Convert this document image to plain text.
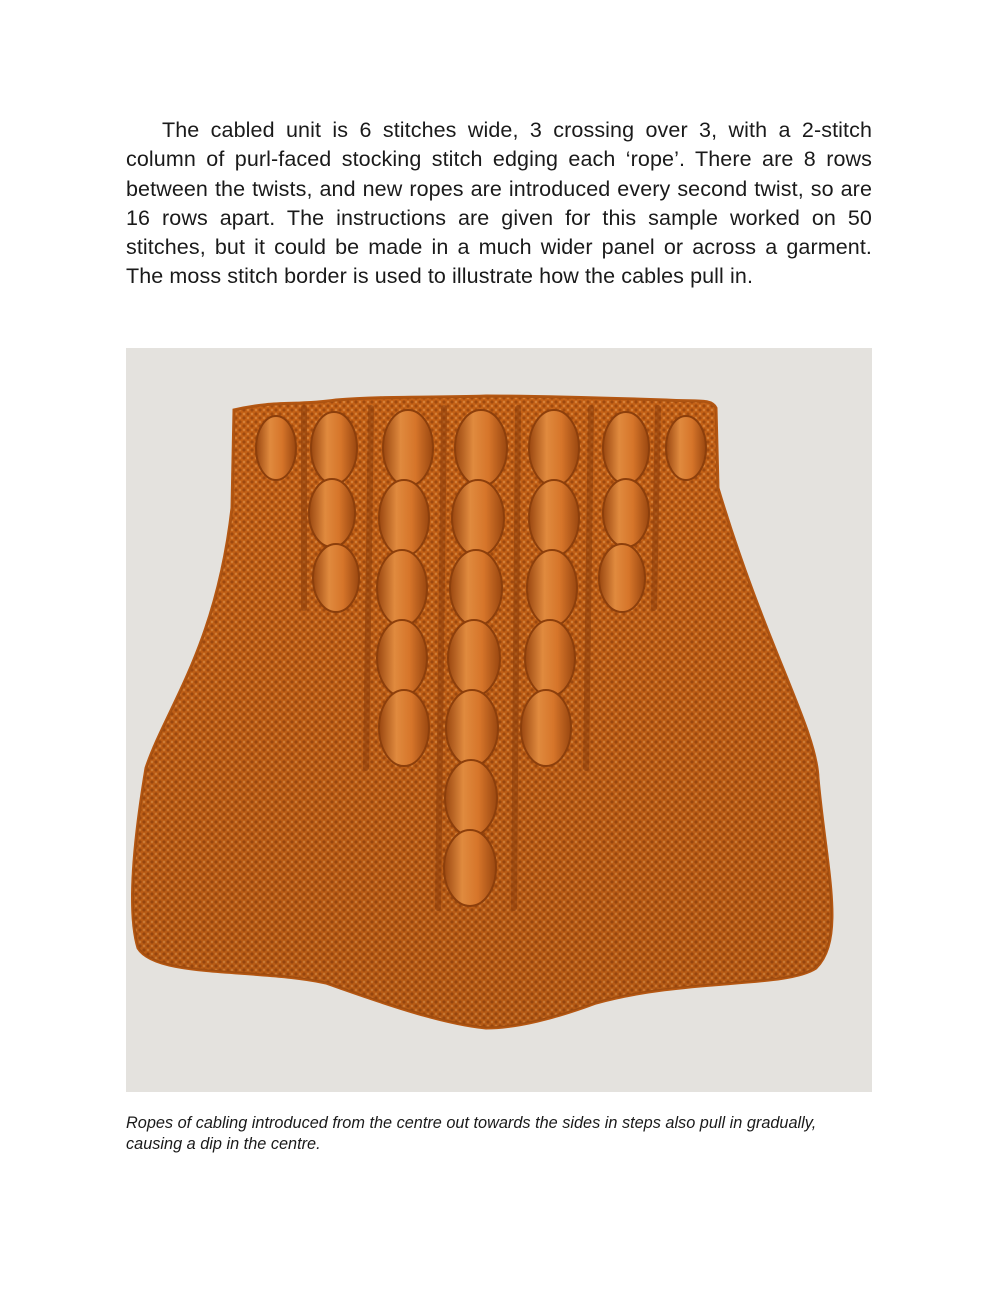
The cabled unit is 6 stitches wide, 3 crossing over 3, with a 2-stitch column of purl-faced stocking stitch edging each ‘rope’. There are 8 rows between the twists, and new ropes are introduced every second twist, so are 16 rows apart. The instructions are given for this sample worked on 50 stitches, but it could be made in a much wider panel or across a garment. The moss stitch border is used to illustrate how the cables pull in.

Ropes of cabling introduced from the centre out towards the sides in steps also pull in gradually, causing a dip in the centre.
